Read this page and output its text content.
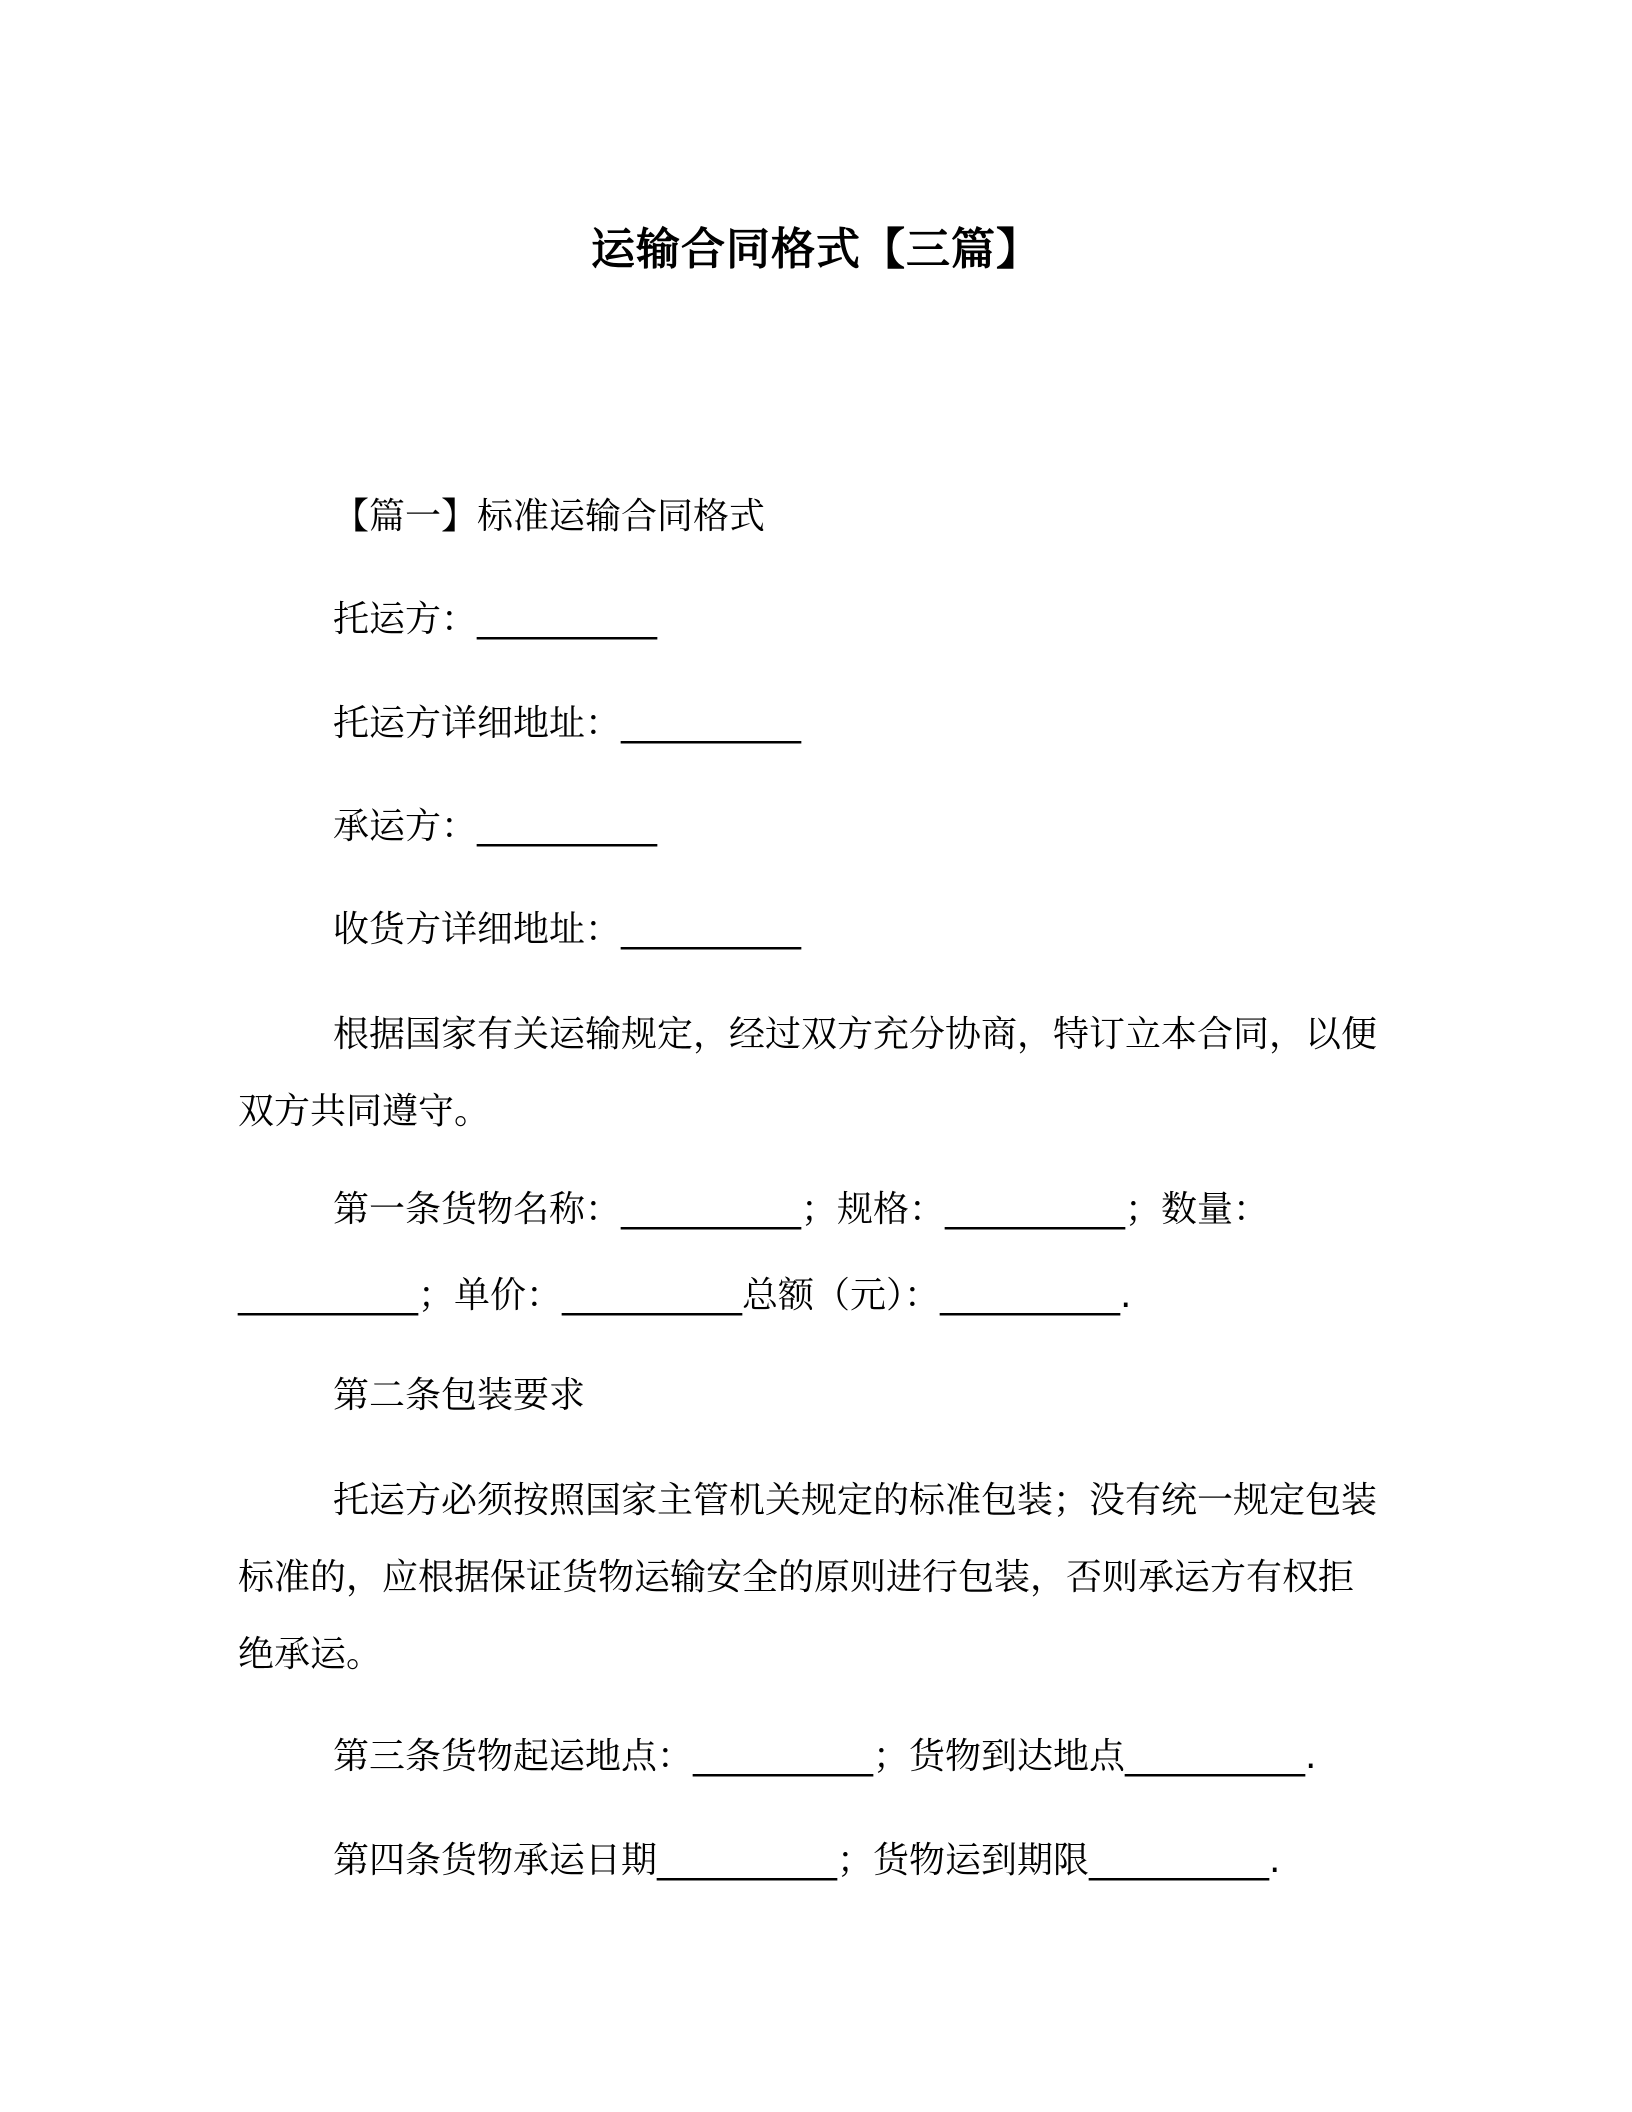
运输合同格式【三篇】
【篇一】标准运输合同格式
托运方：__________
托运方详细地址：__________
承运方：__________
收货方详细地址：__________
根据国家有关运输规定，经过双方充分协商，特订立本合同，以便双方共同遵守。
第一条货物名称：__________；规格：__________；数量：
__________；单价：__________总额（元）：__________.
第二条包装要求
托运方必须按照国家主管机关规定的标准包装；没有统一规定包装标准的，应根据保证货物运输安全的原则进行包装，否则承运方有权拒绝承运。
第三条货物起运地点：__________；货物到达地点__________.
第四条货物承运日期__________；货物运到期限__________.
